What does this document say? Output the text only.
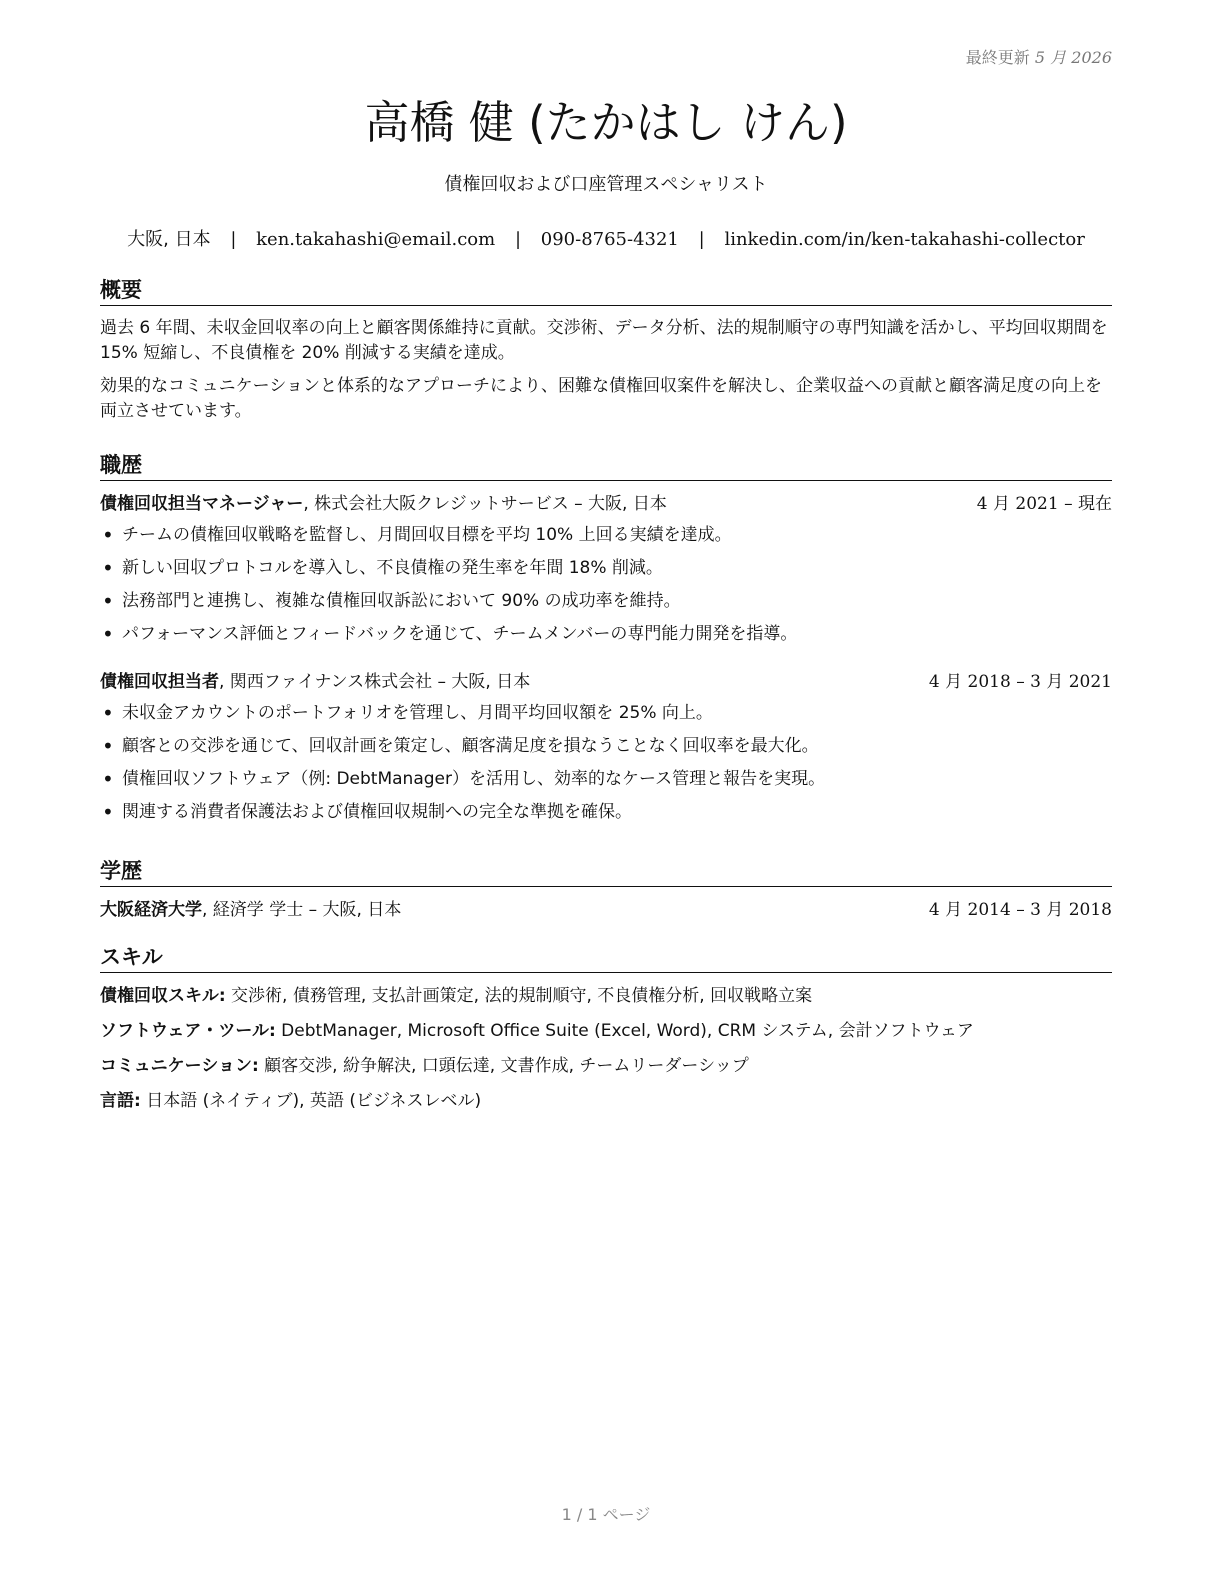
最終更新 5 月 2026
高橋 健 (たかはし けん)
債権回収および口座管理スペシャリスト
大阪, 日本 | ken.takahashi@email.com | 090-8765-4321 | linkedin.com/in/ken-takahashi-collector
概要

過去 6 年間、未収金回収率の向上と顧客関係維持に貢献。交渉術、データ分析、法的規制順守の専門知識を活かし、平均回収期間を 15% 短縮し、不良債権を 20% 削減する実績を達成。

効果的なコミュニケーションと体系的なアプローチにより、困難な債権回収案件を解決し、企業収益への貢献と顧客満足度の向上を両立させています。

職歴
債権回収担当マネージャー, 株式会社大阪クレジットサービス – 大阪, 日本	4 月 2021 – 現在
• チームの債権回収戦略を監督し、月間回収目標を平均 10% 上回る実績を達成。
• 新しい回収プロトコルを導入し、不良債権の発生率を年間 18% 削減。
• 法務部門と連携し、複雑な債権回収訴訟において 90% の成功率を維持。
• パフォーマンス評価とフィードバックを通じて、チームメンバーの専門能力開発を指導。
債権回収担当者, 関西ファイナンス株式会社 – 大阪, 日本	4 月 2018 – 3 月 2021
• 未収金アカウントのポートフォリオを管理し、月間平均回収額を 25% 向上。
• 顧客との交渉を通じて、回収計画を策定し、顧客満足度を損なうことなく回収率を最大化。
• 債権回収ソフトウェア（例: DebtManager）を活用し、効率的なケース管理と報告を実現。
• 関連する消費者保護法および債権回収規制への完全な準拠を確保。
学歴
大阪経済大学, 経済学 学士 – 大阪, 日本	4 月 2014 – 3 月 2018
スキル
債権回収スキル: 交渉術, 債務管理, 支払計画策定, 法的規制順守, 不良債権分析, 回収戦略立案
ソフトウェア・ツール: DebtManager, Microsoft Office Suite (Excel, Word), CRM システム, 会計ソフトウェア
コミュニケーション: 顧客交渉, 紛争解決, 口頭伝達, 文書作成, チームリーダーシップ
言語: 日本語 (ネイティブ), 英語 (ビジネスレベル)
1 / 1 ページ
